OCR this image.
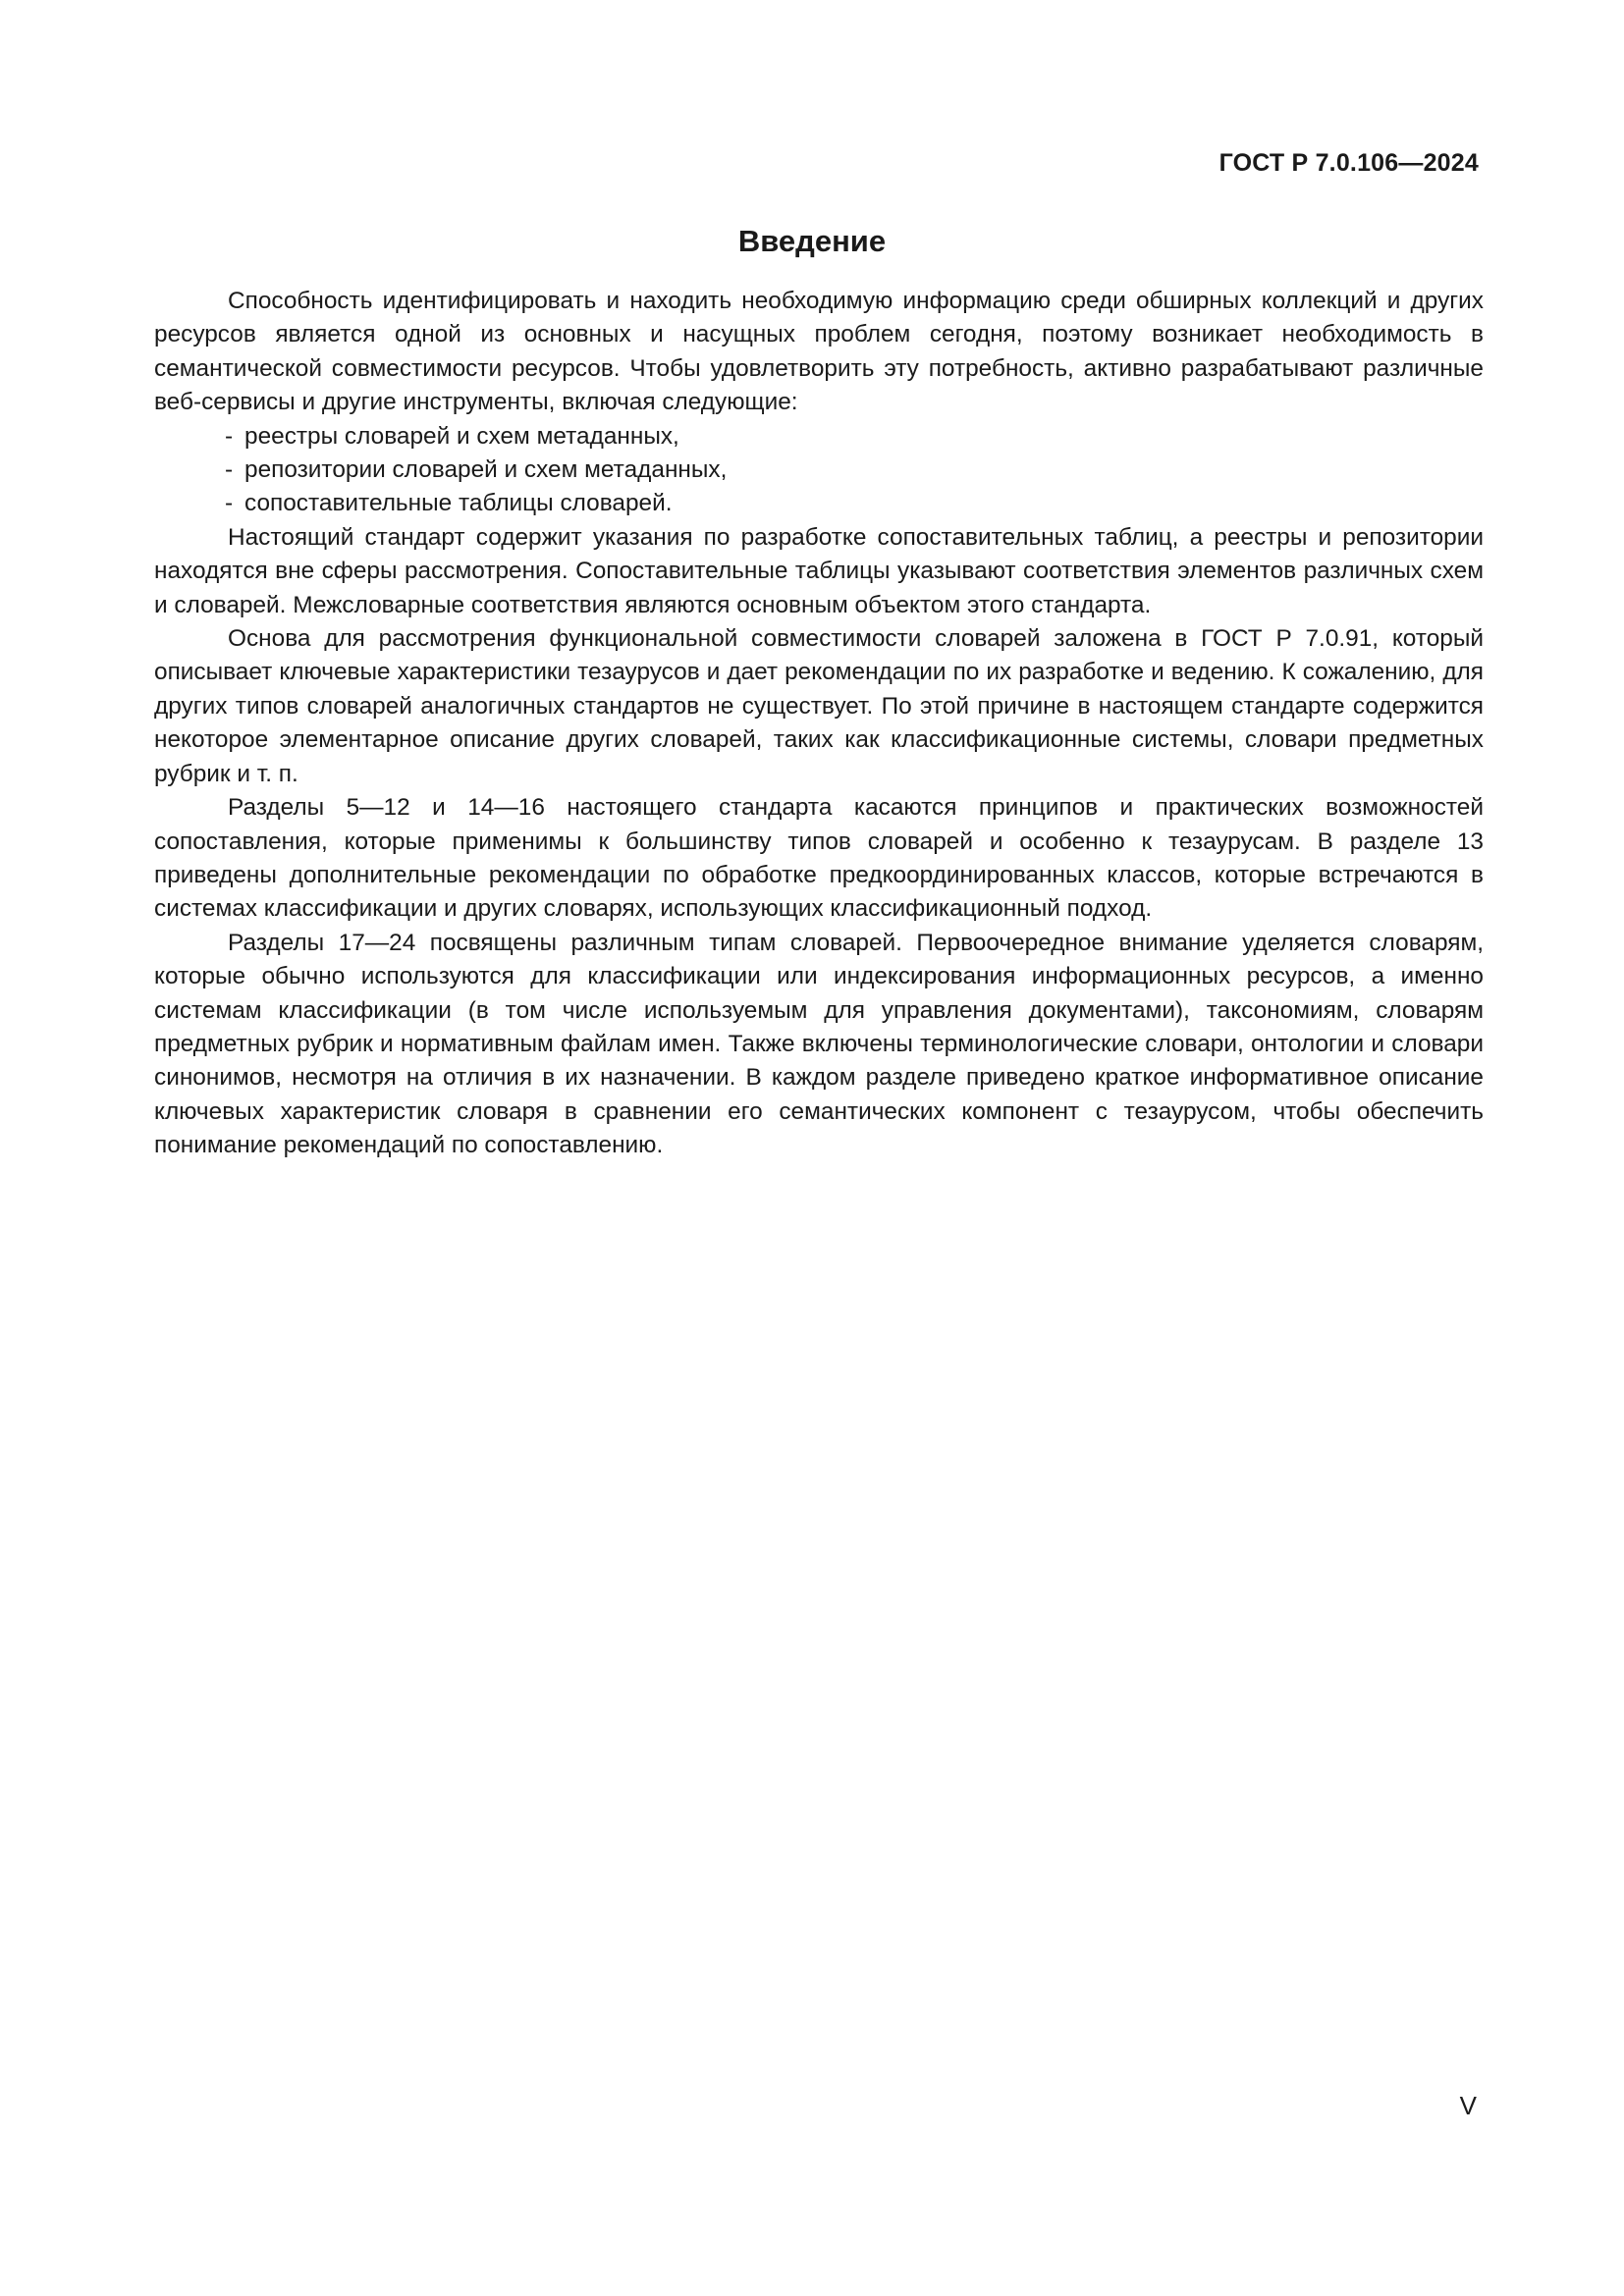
ГОСТ Р 7.0.106—2024
Введение

Способность идентифицировать и находить необходимую информацию среди обширных коллекций и других ресурсов является одной из основных и насущных проблем сегодня, поэтому возникает необходимость в семантической совместимости ресурсов. Чтобы удовлетворить эту потребность, активно разрабатывают различные веб-сервисы и другие инструменты, включая следующие:

- реестры словарей и схем метаданных,
- репозитории словарей и схем метаданных,
- сопоставительные таблицы словарей.

Настоящий стандарт содержит указания по разработке сопоставительных таблиц, а реестры и репозитории находятся вне сферы рассмотрения. Сопоставительные таблицы указывают соответствия элементов различных схем и словарей. Межсловарные соответствия являются основным объектом этого стандарта.

Основа для рассмотрения функциональной совместимости словарей заложена в ГОСТ Р 7.0.91, который описывает ключевые характеристики тезаурусов и дает рекомендации по их разработке и ведению. К сожалению, для других типов словарей аналогичных стандартов не существует. По этой причине в настоящем стандарте содержится некоторое элементарное описание других словарей, таких как классификационные системы, словари предметных рубрик и т. п.

Разделы 5—12 и 14—16 настоящего стандарта касаются принципов и практических возможностей сопоставления, которые применимы к большинству типов словарей и особенно к тезаурусам. В разделе 13 приведены дополнительные рекомендации по обработке предкоординированных классов, которые встречаются в системах классификации и других словарях, использующих классификационный подход.

Разделы 17—24 посвящены различным типам словарей. Первоочередное внимание уделяется словарям, которые обычно используются для классификации или индексирования информационных ресурсов, а именно системам классификации (в том числе используемым для управления документами), таксономиям, словарям предметных рубрик и нормативным файлам имен. Также включены терминологические словари, онтологии и словари синонимов, несмотря на отличия в их назначении. В каждом разделе приведено краткое информативное описание ключевых характеристик словаря в сравнении его семантических компонент с тезаурусом, чтобы обеспечить понимание рекомендаций по сопоставлению.

V
